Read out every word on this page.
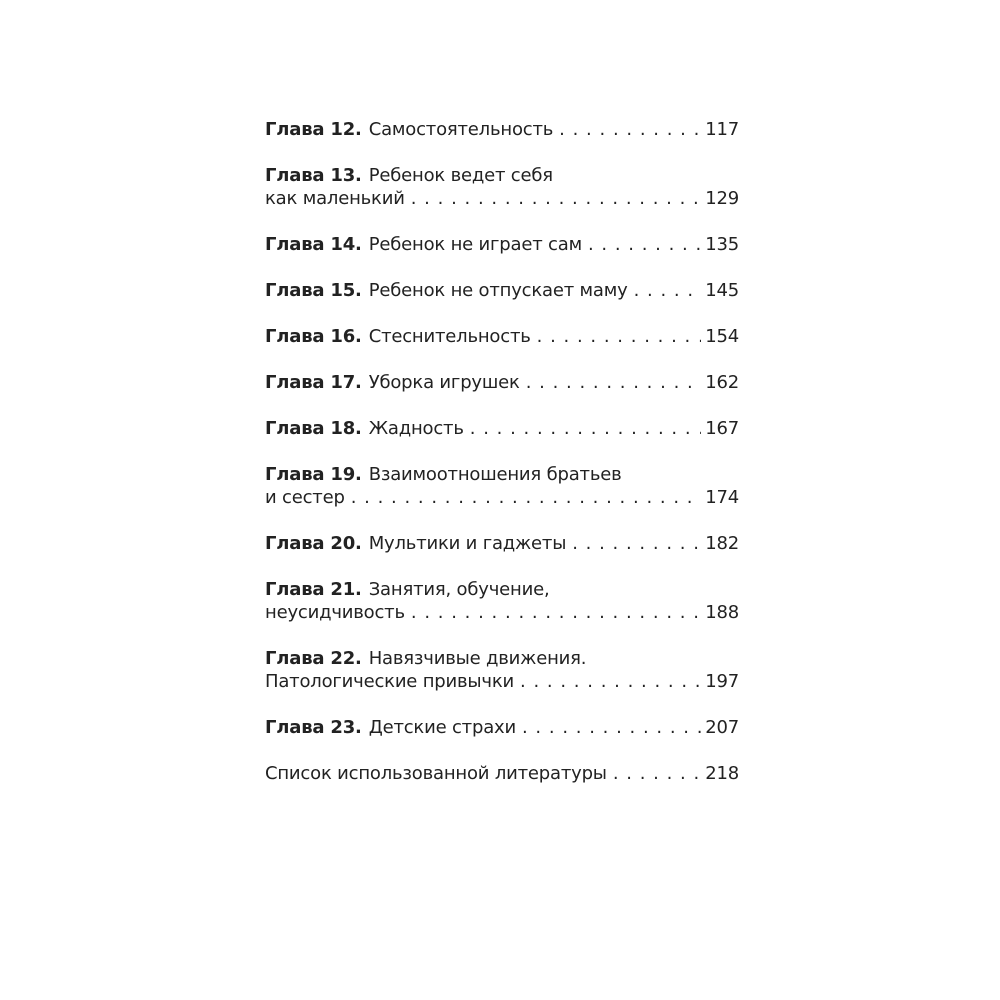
Глава 12. Самостоятельность . . .	117
Глава 13. Ребенок ведет себя
как маленький . . .	129
Глава 14. Ребенок не играет сам . . .	135
Глава 15. Ребенок не отпускает маму . . .	145
Глава 16. Стеснительность . . .	154
Глава 17. Уборка игрушек . . .	162
Глава 18. Жадность . . .	167
Глава 19. Взаимоотношения братьев
и сестер . . .	174
Глава 20. Мультики и гаджеты . . .	182
Глава 21. Занятия, обучение,
неусидчивость . . .	188
Глава 22. Навязчивые движения.
Патологические привычки . . .	197
Глава 23. Детские страхи . . .	207
Список использованной литературы . . .	218
